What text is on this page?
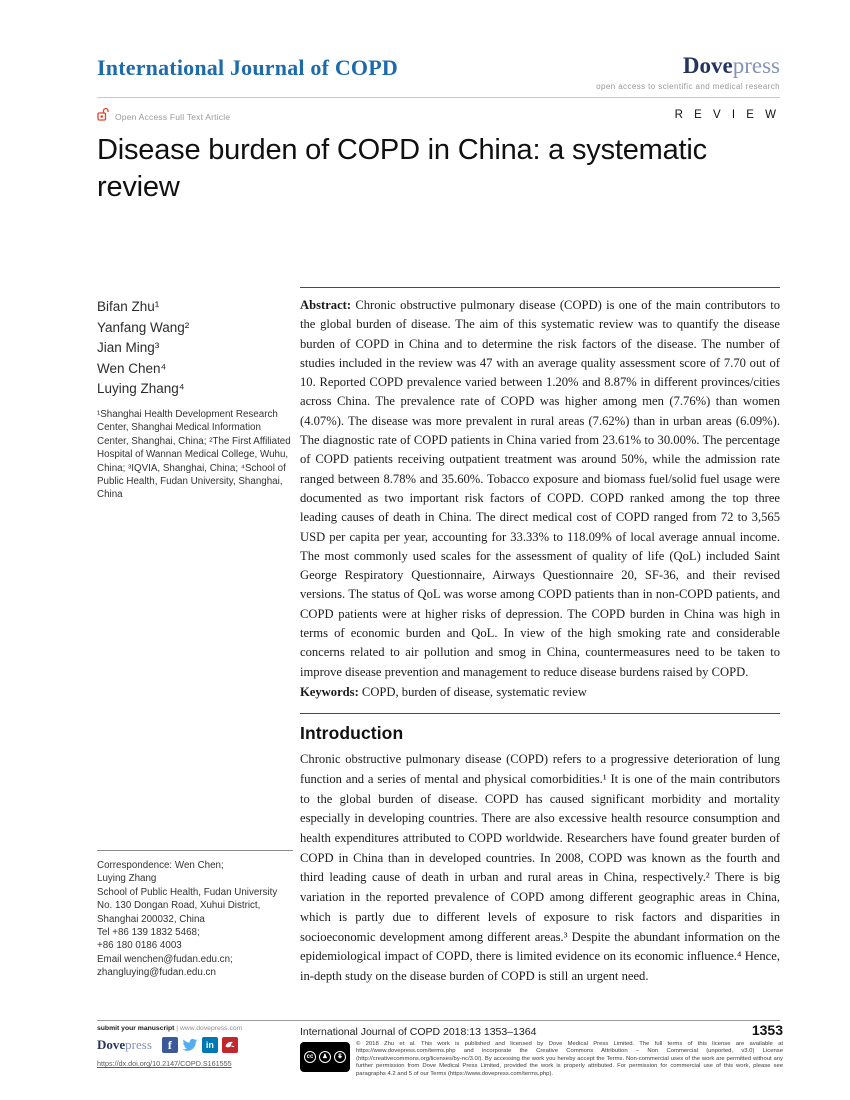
International Journal of COPD	Dovepress
open access to scientific and medical research
Open Access Full Text Article	R E V I E W
Disease burden of COPD in China: a systematic review
Bifan Zhu¹
Yanfang Wang²
Jian Ming³
Wen Chen⁴
Luying Zhang⁴
¹Shanghai Health Development Research Center, Shanghai Medical Information Center, Shanghai, China; ²The First Affiliated Hospital of Wannan Medical College, Wuhu, China; ³IQVIA, Shanghai, China; ⁴School of Public Health, Fudan University, Shanghai, China
Correspondence: Wen Chen;
Luying Zhang
School of Public Health, Fudan University
No. 130 Dongan Road, Xuhui District,
Shanghai 200032, China
Tel +86 139 1832 5468;
+86 180 0186 4003
Email wenchen@fudan.edu.cn;
zhangluying@fudan.edu.cn

Abstract: Chronic obstructive pulmonary disease (COPD) is one of the main contributors to the global burden of disease. The aim of this systematic review was to quantify the disease burden of COPD in China and to determine the risk factors of the disease. The number of studies included in the review was 47 with an average quality assessment score of 7.70 out of 10. Reported COPD prevalence varied between 1.20% and 8.87% in different provinces/cities across China. The prevalence rate of COPD was higher among men (7.76%) than women (4.07%). The disease was more prevalent in rural areas (7.62%) than in urban areas (6.09%). The diagnostic rate of COPD patients in China varied from 23.61% to 30.00%. The percentage of COPD patients receiving outpatient treatment was around 50%, while the admission rate ranged between 8.78% and 35.60%. Tobacco exposure and biomass fuel/solid fuel usage were documented as two important risk factors of COPD. COPD ranked among the top three leading causes of death in China. The direct medical cost of COPD ranged from 72 to 3,565 USD per capita per year, accounting for 33.33% to 118.09% of local average annual income. The most commonly used scales for the assessment of quality of life (QoL) included Saint George Respiratory Questionnaire, Airways Questionnaire 20, SF-36, and their revised versions. The status of QoL was worse among COPD patients than in non-COPD patients, and COPD patients were at higher risks of depression. The COPD burden in China was high in terms of economic burden and QoL. In view of the high smoking rate and considerable concerns related to air pollution and smog in China, countermeasures need to be taken to improve disease prevention and management to reduce disease burdens raised by COPD.

Keywords: COPD, burden of disease, systematic review

Introduction

Chronic obstructive pulmonary disease (COPD) refers to a progressive deterioration of lung function and a series of mental and physical comorbidities.¹ It is one of the main contributors to the global burden of disease. COPD has caused significant morbidity and mortality especially in developing countries. There are also excessive health resource consumption and health expenditures attributed to COPD worldwide. Researchers have found greater burden of COPD in China than in developed countries. In 2008, COPD was known as the fourth and third leading cause of death in urban and rural areas in China, respectively.² There is big variation in the reported prevalence of COPD among different geographic areas in China, which is partly due to different levels of exposure to risk factors and disparities in socioeconomic development among different areas.³ Despite the abundant information on the epidemiological impact of COPD, there is limited evidence on its economic influence.⁴ Hence, in-depth study on the disease burden of COPD is still an urgent need.

submit your manuscript | www.dovepress.com
Dovepress	f	in
https://dx.doi.org/10.2147/COPD.S161555
International Journal of COPD 2018:13 1353–1364	1353
cc	♟	$
© 2018 Zhu et al. This work is published and licensed by Dove Medical Press Limited. The full terms of this license are available at https://www.dovepress.com/terms.php and incorporate the Creative Commons Attribution – Non Commercial (unported, v3.0) License (http://creativecommons.org/licenses/by-nc/3.0/). By accessing the work you hereby accept the Terms. Non-commercial uses of the work are permitted without any further permission from Dove Medical Press Limited, provided the work is properly attributed. For permission for commercial use of this work, please see paragraphs 4.2 and 5 of our Terms (https://www.dovepress.com/terms.php).
